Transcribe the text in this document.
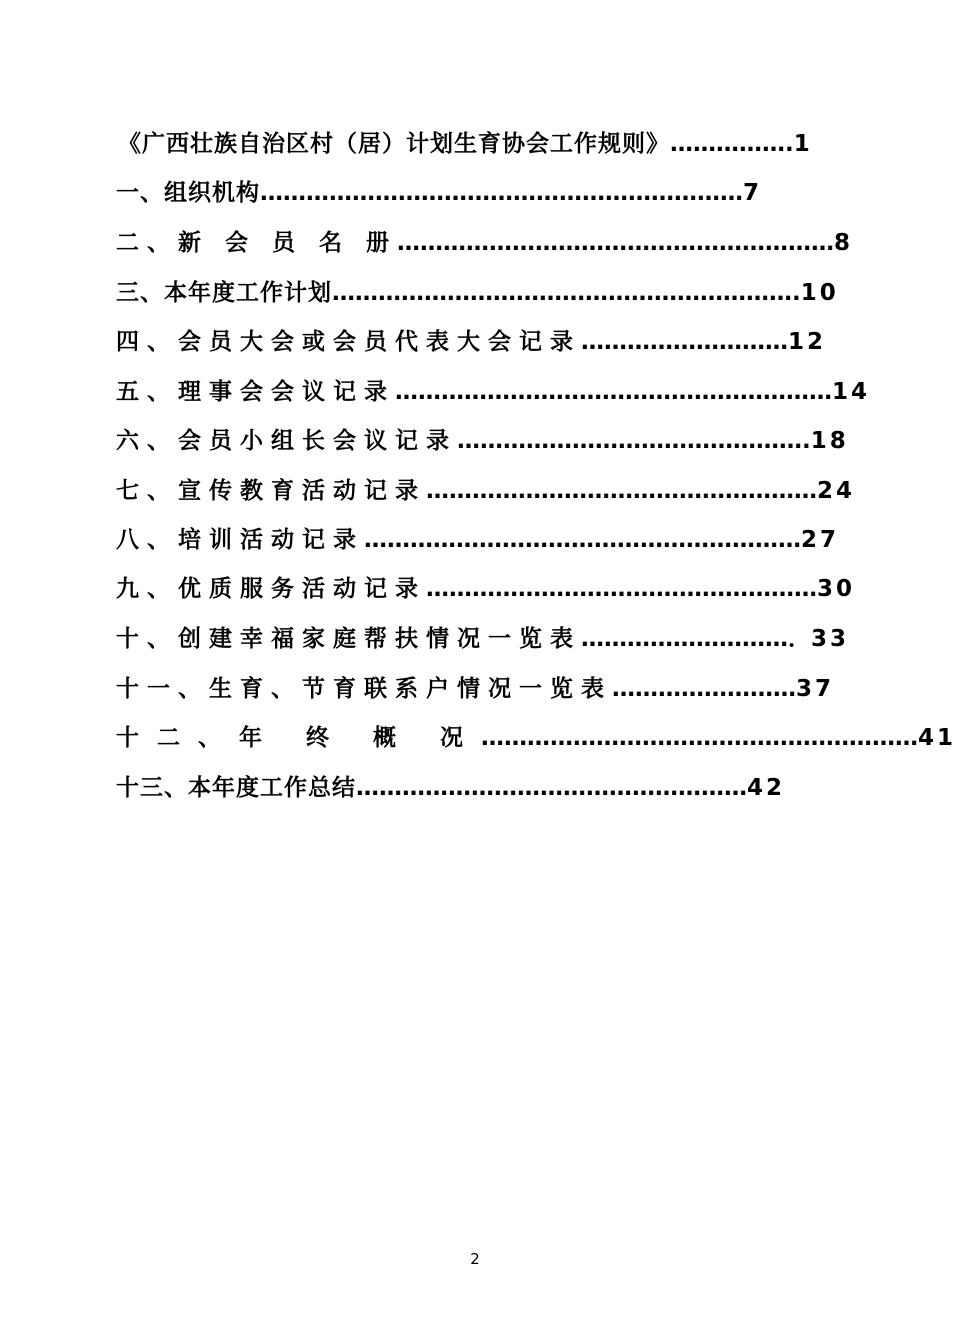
《广西壮族自治区村（居）计划生育协会工作规则》…………….1
一、组织机构………………………………………………………7
二、新 会 员 名 册…………………………………………………8
三、本年度工作计划…………………………………………………….10
四、会员大会或会员代表大会记录………………………12
五、理事会会议记录…………………………………………………14
六、会员小组长会议记录……………………………………….18
七、宣传教育活动记录……………………………………………24
八、培训活动记录…………………………………………………27
九、优质服务活动记录……………………………………………30
十、创建幸福家庭帮扶情况一览表………………………．33
十一、生育、节育联系户情况一览表……………………37
十二、年 终 概 况…………………………………………………41
十三、本年度工作总结……………………………………………42
2
